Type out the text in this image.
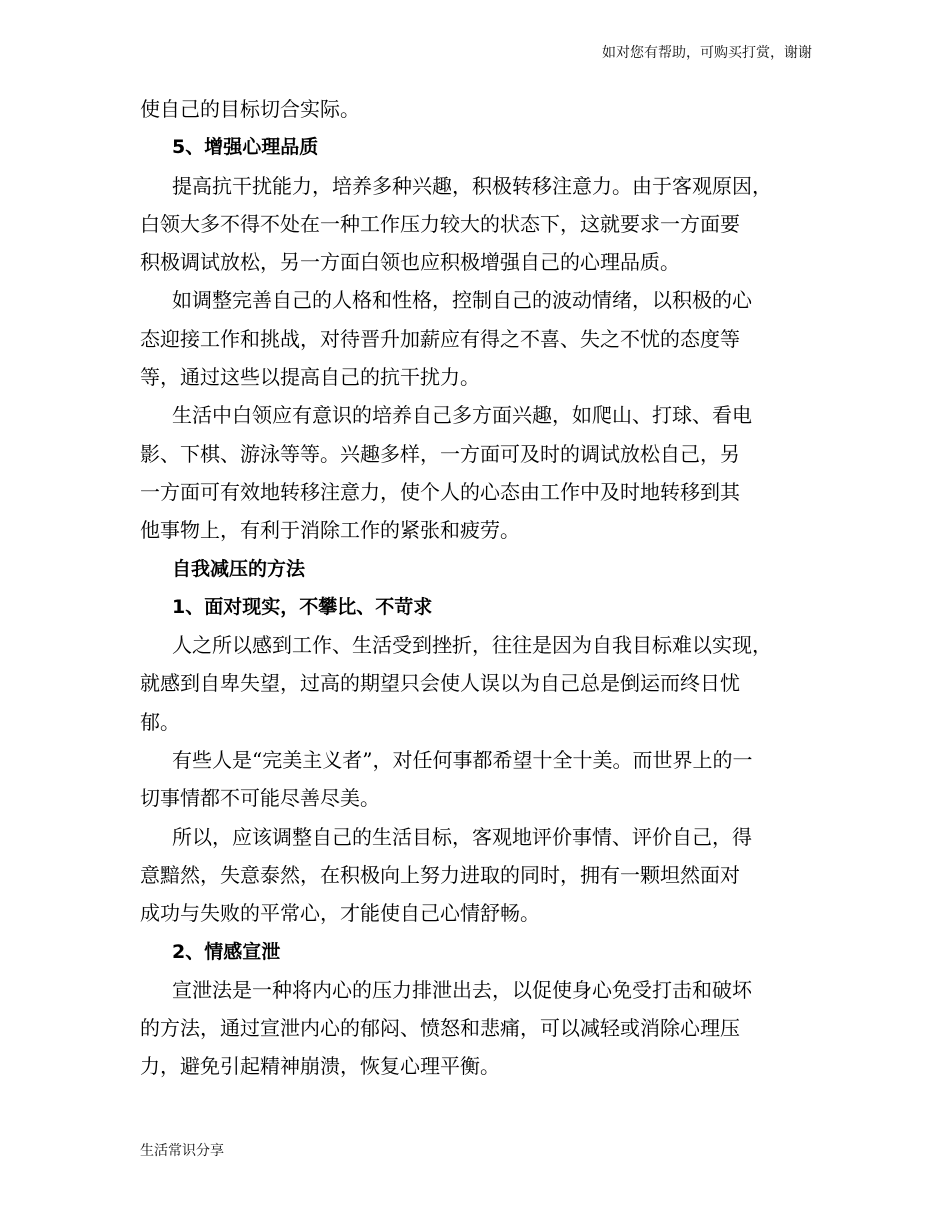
如对您有帮助，可购买打赏，谢谢
使自己的目标切合实际。
5、增强心理品质
提高抗干扰能力，培养多种兴趣，积极转移注意力。由于客观原因，
白领大多不得不处在一种工作压力较大的状态下，这就要求一方面要
积极调试放松，另一方面白领也应积极增强自己的心理品质。
如调整完善自己的人格和性格，控制自己的波动情绪，以积极的心
态迎接工作和挑战，对待晋升加薪应有得之不喜、失之不忧的态度等
等，通过这些以提高自己的抗干扰力。
生活中白领应有意识的培养自己多方面兴趣，如爬山、打球、看电
影、下棋、游泳等等。兴趣多样，一方面可及时的调试放松自己，另
一方面可有效地转移注意力，使个人的心态由工作中及时地转移到其
他事物上，有利于消除工作的紧张和疲劳。
自我减压的方法
1、面对现实，不攀比、不苛求
人之所以感到工作、生活受到挫折，往往是因为自我目标难以实现，
就感到自卑失望，过高的期望只会使人误以为自己总是倒运而终日忧
郁。
有些人是“完美主义者”，对任何事都希望十全十美。而世界上的一
切事情都不可能尽善尽美。
所以，应该调整自己的生活目标，客观地评价事情、评价自己，得
意黯然，失意泰然，在积极向上努力进取的同时，拥有一颗坦然面对
成功与失败的平常心，才能使自己心情舒畅。
2、情感宣泄
宣泄法是一种将内心的压力排泄出去，以促使身心免受打击和破坏
的方法，通过宣泄内心的郁闷、愤怒和悲痛，可以减轻或消除心理压
力，避免引起精神崩溃，恢复心理平衡。
生活常识分享
